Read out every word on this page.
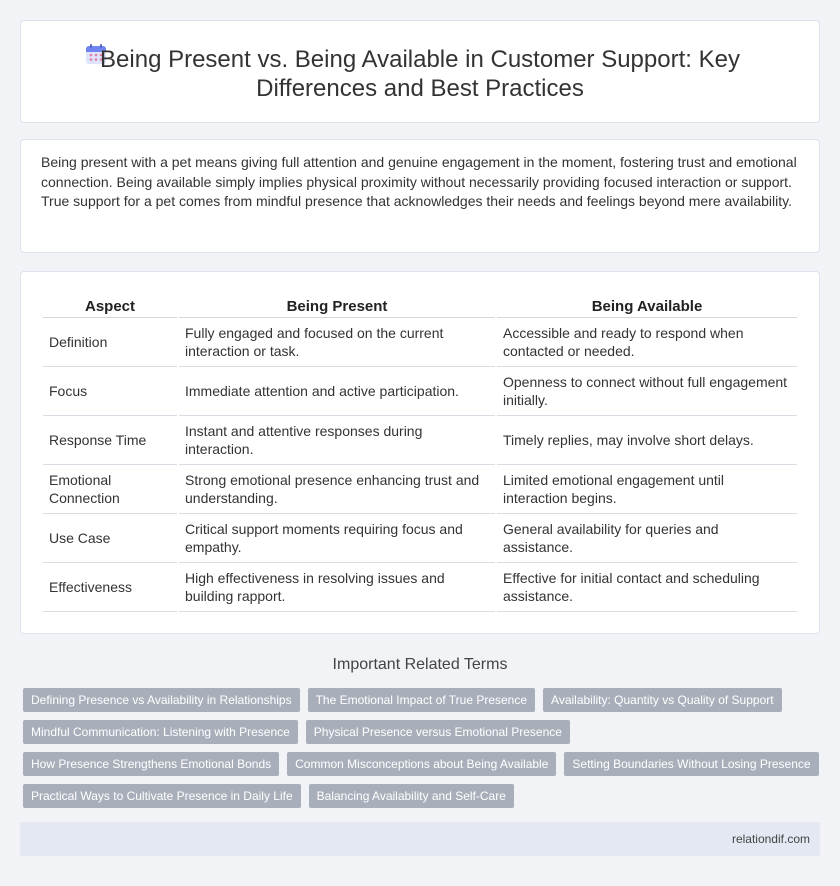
Being Present vs. Being Available in Customer Support: Key Differences and Best Practices

Being present with a pet means giving full attention and genuine engagement in the moment, fostering trust and emotional connection. Being available simply implies physical proximity without necessarily providing focused interaction or support. True support for a pet comes from mindful presence that acknowledges their needs and feelings beyond mere availability.

Aspect	Being Present	Being Available
Definition	Fully engaged and focused on the current interaction or task.	Accessible and ready to respond when contacted or needed.
Focus	Immediate attention and active participation.	Openness to connect without full engagement initially.
Response Time	Instant and attentive responses during interaction.	Timely replies, may involve short delays.
Emotional Connection	Strong emotional presence enhancing trust and understanding.	Limited emotional engagement until interaction begins.
Use Case	Critical support moments requiring focus and empathy.	General availability for queries and assistance.
Effectiveness	High effectiveness in resolving issues and building rapport.	Effective for initial contact and scheduling assistance.
Important Related Terms
Defining Presence vs Availability in Relationships	The Emotional Impact of True Presence	Availability: Quantity vs Quality of Support
Mindful Communication: Listening with Presence	Physical Presence versus Emotional Presence
How Presence Strengthens Emotional Bonds	Common Misconceptions about Being Available	Setting Boundaries Without Losing Presence
Practical Ways to Cultivate Presence in Daily Life	Balancing Availability and Self-Care
relationdif.com
